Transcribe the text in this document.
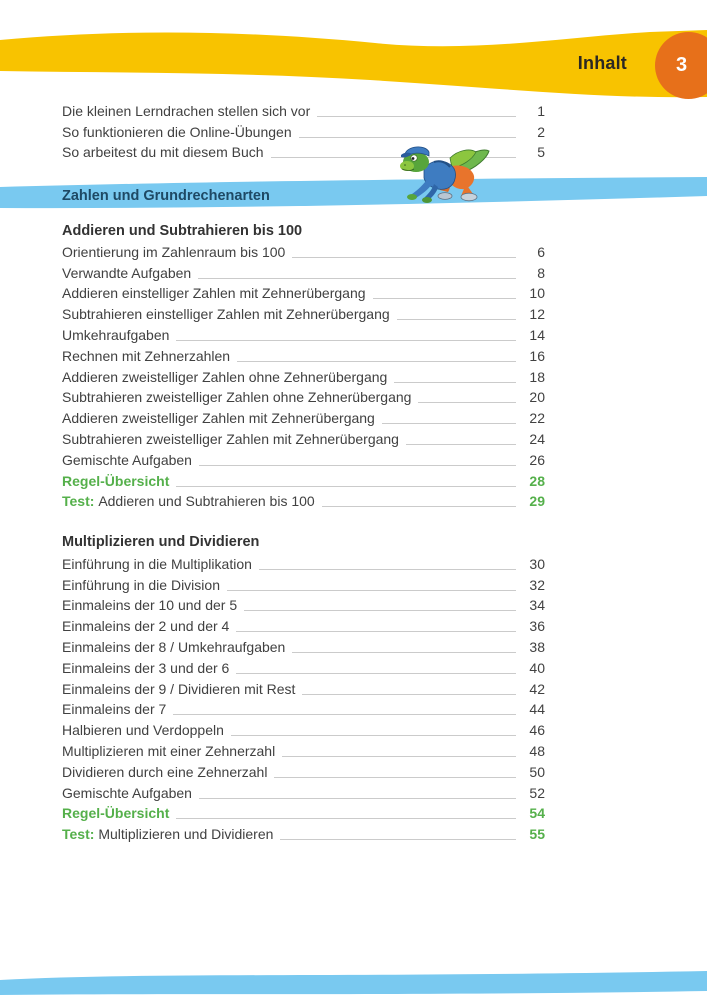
Inhalt 3
Die kleinen Lerndrachen stellen sich vor	1
So funktionieren die Online-Übungen	2
So arbeitest du mit diesem Buch	5
Zahlen und Grundrechenarten
Addieren und Subtrahieren bis 100
Orientierung im Zahlenraum bis 100	6
Verwandte Aufgaben	8
Addieren einstelliger Zahlen mit Zehnerübergang	10
Subtrahieren einstelliger Zahlen mit Zehnerübergang	12
Umkehraufgaben	14
Rechnen mit Zehnerzahlen	16
Addieren zweistelliger Zahlen ohne Zehnerübergang	18
Subtrahieren zweistelliger Zahlen ohne Zehnerübergang	20
Addieren zweistelliger Zahlen mit Zehnerübergang	22
Subtrahieren zweistelliger Zahlen mit Zehnerübergang	24
Gemischte Aufgaben	26
Regel-Übersicht	28
Test: Addieren und Subtrahieren bis 100	29
Multiplizieren und Dividieren
Einführung in die Multiplikation	30
Einführung in die Division	32
Einmaleins der 10 und der 5	34
Einmaleins der 2 und der 4	36
Einmaleins der 8 / Umkehraufgaben	38
Einmaleins der 3 und der 6	40
Einmaleins der 9 / Dividieren mit Rest	42
Einmaleins der 7	44
Halbieren und Verdoppeln	46
Multiplizieren mit einer Zehnerzahl	48
Dividieren durch eine Zehnerzahl	50
Gemischte Aufgaben	52
Regel-Übersicht	54
Test: Multiplizieren und Dividieren	55
